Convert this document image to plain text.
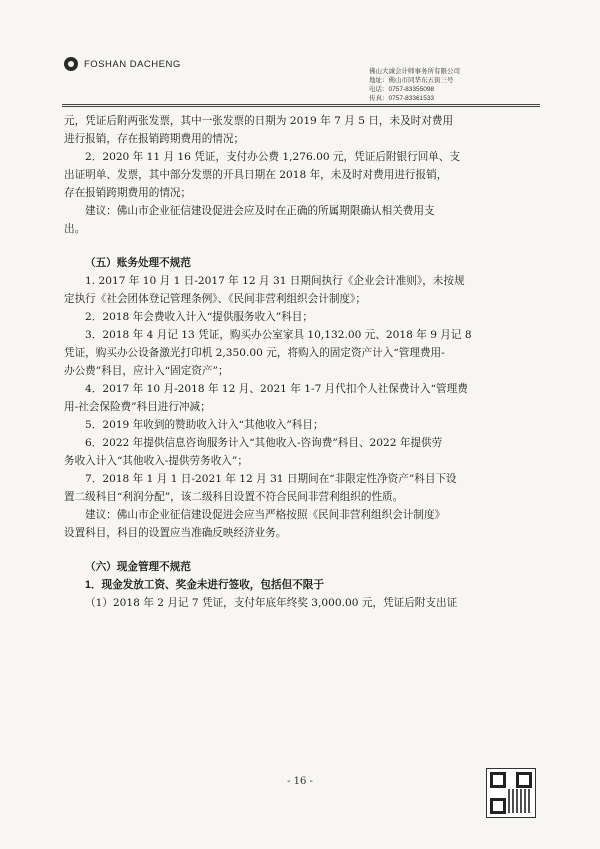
FOSHAN DACHENG
佛山大诚会计师事务所有限公司
地址：佛山市同华东五街三号
电话：0757-83355098
传真：0757-83361533

元，凭证后附两张发票，其中一张发票的日期为 2019 年 7 月 5 日，未及时对费用

进行报销，存在报销跨期费用的情况；

2．2020 年 11 月 16 凭证，支付办公费 1,276.00 元，凭证后附银行回单、支

出证明单、发票，其中部分发票的开具日期在 2018 年，未及时对费用进行报销，

存在报销跨期费用的情况；

建议：佛山市企业征信建设促进会应及时在正确的所属期限确认相关费用支

出。

（五）账务处理不规范

1. 2017 年 10 月 1 日-2017 年 12 月 31 日期间执行《企业会计准则》，未按规

定执行《社会团体登记管理条例》、《民间非营利组织会计制度》；

2．2018 年会费收入计入“提供服务收入”科目；

3．2018 年 4 月记 13 凭证，购买办公室家具 10,132.00 元、2018 年 9 月记 8

凭证，购买办公设备激光打印机 2,350.00 元，将购入的固定资产计入“管理费用-

办公费”科目，应计入“固定资产”；

4．2017 年 10 月-2018 年 12 月、2021 年 1-7 月代扣个人社保费计入“管理费

用-社会保险费”科目进行冲减；

5．2019 年收到的赞助收入计入“其他收入”科目；

6．2022 年提供信息咨询服务计入“其他收入-咨询费”科目、2022 年提供劳

务收入计入“其他收入-提供劳务收入”；

7．2018 年 1 月 1 日-2021 年 12 月 31 日期间在“非限定性净资产”科目下设

置二级科目“利润分配”，该二级科目设置不符合民间非营利组织的性质。

建议：佛山市企业征信建设促进会应当严格按照《民间非营利组织会计制度》

设置科目，科目的设置应当准确反映经济业务。

（六）现金管理不规范

1．现金发放工资、奖金未进行签收，包括但不限于

（1）2018 年 2 月记 7 凭证，支付年底年终奖 3,000.00 元，凭证后附支出证

- 16 -
